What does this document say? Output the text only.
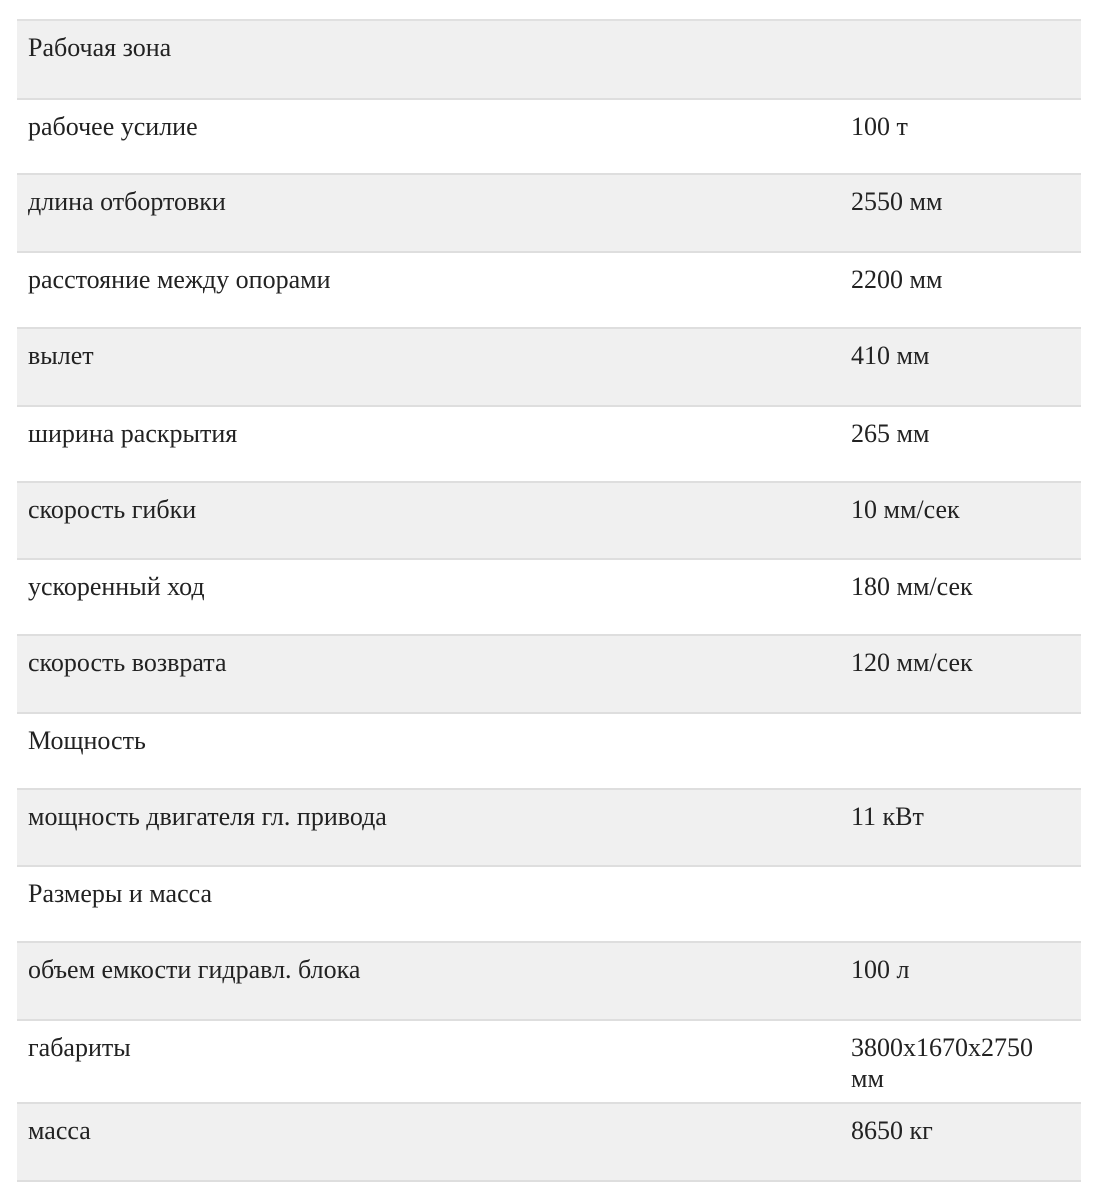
Рабочая зона	
рабочее усилие	100 т
длина отбортовки	2550 мм
расстояние между опорами	2200 мм
вылет	410 мм
ширина раскрытия	265 мм
скорость гибки	10 мм/сек
ускоренный ход	180 мм/сек
скорость возврата	120 мм/сек
Мощность	
мощность двигателя гл. привода	11 кВт
Размеры и масса	
объем емкости гидравл. блока	100 л
габариты	3800x1670x2750 мм
масса	8650 кг
